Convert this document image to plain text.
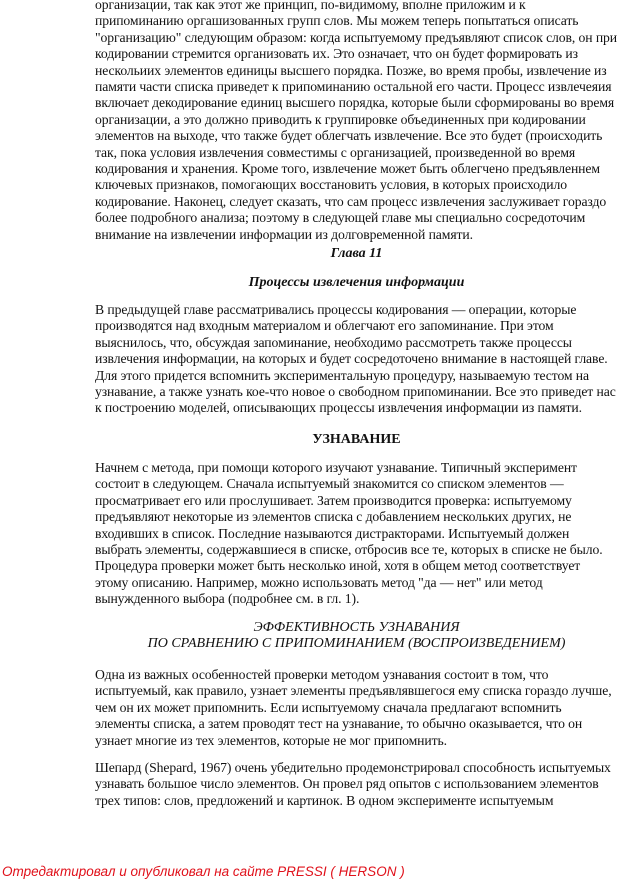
организации, так как этот же принцип, по-видимому, вполне приложим и к
припоминанию оргашизованных групп слов. Мы можем теперь попытаться описать
"организацию" следующим образом: когда испытуемому предъявляют список слов, он при
кодировании стремится организовать их. Это означает, что он будет формировать из
нескольиих элементов единицы высшего порядка. Позже, во время пробы, извлечение из
памяти части списка приведет к припоминанию остальной его части. Процесс извлечеяия
включает декодирование единиц высшего порядка, которые были сформированы во время
организации, а это должно приводить к группировке объединенных при кодировании
элементов на выходе, что также будет облегчать извлечение. Все это будет (происходить
так, пока условия извлечения совместимы с организацией, произведенной во время
кодирования и хранения. Кроме того, извлечение может быть облегчено предъявленнем
ключевых признаков, помогающих восстановить условия, в которых происходило
кодирование. Наконец, следует сказать, что сам процесс извлечения заслуживает гораздо
более подробного анализа; поэтому в следующей главе мы специально сосредоточим
внимание на извлечении информации из долговременной памяти.
Глава 11
Процессы извлечения информации
В предыдущей главе рассматривались процессы кодирования — операции, которые
производятся над входным материалом и облегчают его запоминание. При этом
выяснилось, что, обсуждая запоминание, необходимо рассмотреть также процессы
извлечения информации, на которых и будет сосредоточено внимание в настоящей главе.
Для этого придется вспомнить экспериментальную процедуру, называемую тестом на
узнавание, а также узнать кое-что новое о свободном припоминании. Все это приведет нас
к построению моделей, описывающих процессы извлечения информации из памяти.
УЗНАВАНИЕ
Начнем с метода, при помощи которого изучают узнавание. Типичный эксперимент
состоит в следующем. Сначала испытуемый знакомится со списком элементов —
просматривает его или прослушивает. Затем производится проверка: испытуемому
предъявляют некоторые из элементов списка с добавлением нескольких других, не
входивших в список. Последние называются дистракторами. Испытуемый должен
выбрать элементы, содержавшиеся в списке, отбросив все те, которых в списке не было.
Процедура проверки может быть несколько иной, хотя в общем метод соответствует
этому описанию. Например, можно использовать метод "да — нет" или метод
вынужденного выбора (подробнее см. в гл. 1).
ЭФФЕКТИВНОСТЬ УЗНАВАНИЯ
ПО СРАВНЕНИЮ С ПРИПОМИНАНИЕМ (ВОСПРОИЗВЕДЕНИЕМ)
Одна из важных особенностей проверки методом узнавания состоит в том, что
испытуемый, как правило, узнает элементы предъявлявшегося ему списка гораздо лучше,
чем он их может припомнить. Если испытуемому сначала предлагают вспомнить
элементы списка, а затем проводят тест на узнавание, то обычно оказывается, что он
узнает многие из тех элементов, которые не мог припомнить.
Шепард (Shepard, 1967) очень убедительно продемонстрировал способность испытуемых
узнавать большое число элементов. Он провел ряд опытов с использованием элементов
трех типов: слов, предложений и картинок. В одном эксперименте испытуемым
Отредактировал и опубликовал на сайте PRESSI ( HERSON )
